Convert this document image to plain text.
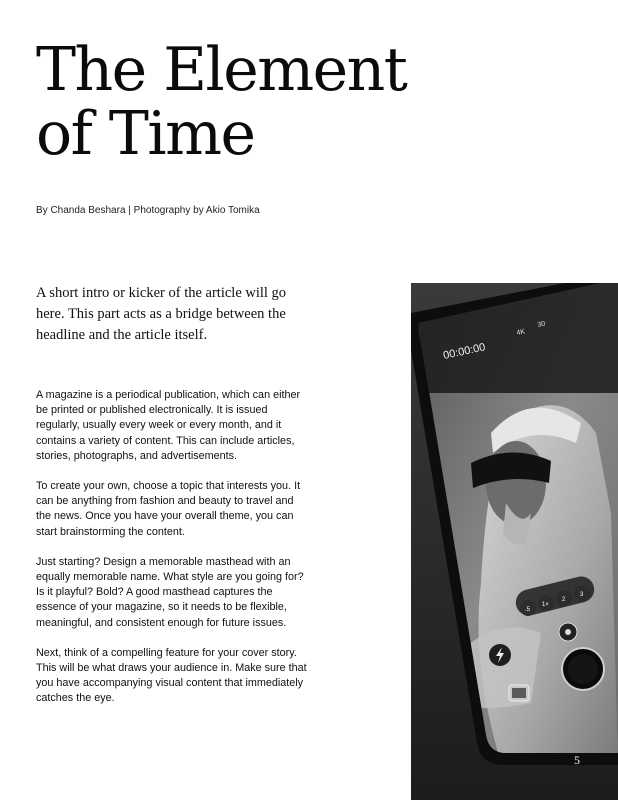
The Element
of Time
By Chanda Beshara | Photography by Akio Tomika

A short intro or kicker of the article will go here. This part acts as a bridge between the headline and the article itself.

A magazine is a periodical publication, which can either be printed or published electronically. It is issued regularly, usually every week or every month, and it contains a variety of content. This can include articles, stories, photographs, and advertisements.

To create your own, choose a topic that interests you. It can be anything from fashion and beauty to travel and the news. Once you have your overall theme, you can start brainstorming the content.

Just starting? Design a memorable masthead with an equally memorable name. What style are you going for? Is it playful? Bold? A good masthead captures the essence of your magazine, so it needs to be flexible, meaningful, and consistent enough for future issues.

Next, think of a compelling feature for your cover story. This will be what draws your audience in. Make sure that you have accompanying visual content that immediately catches the eye.

00:00:00
4K
30
.5
1×
2
3
5
